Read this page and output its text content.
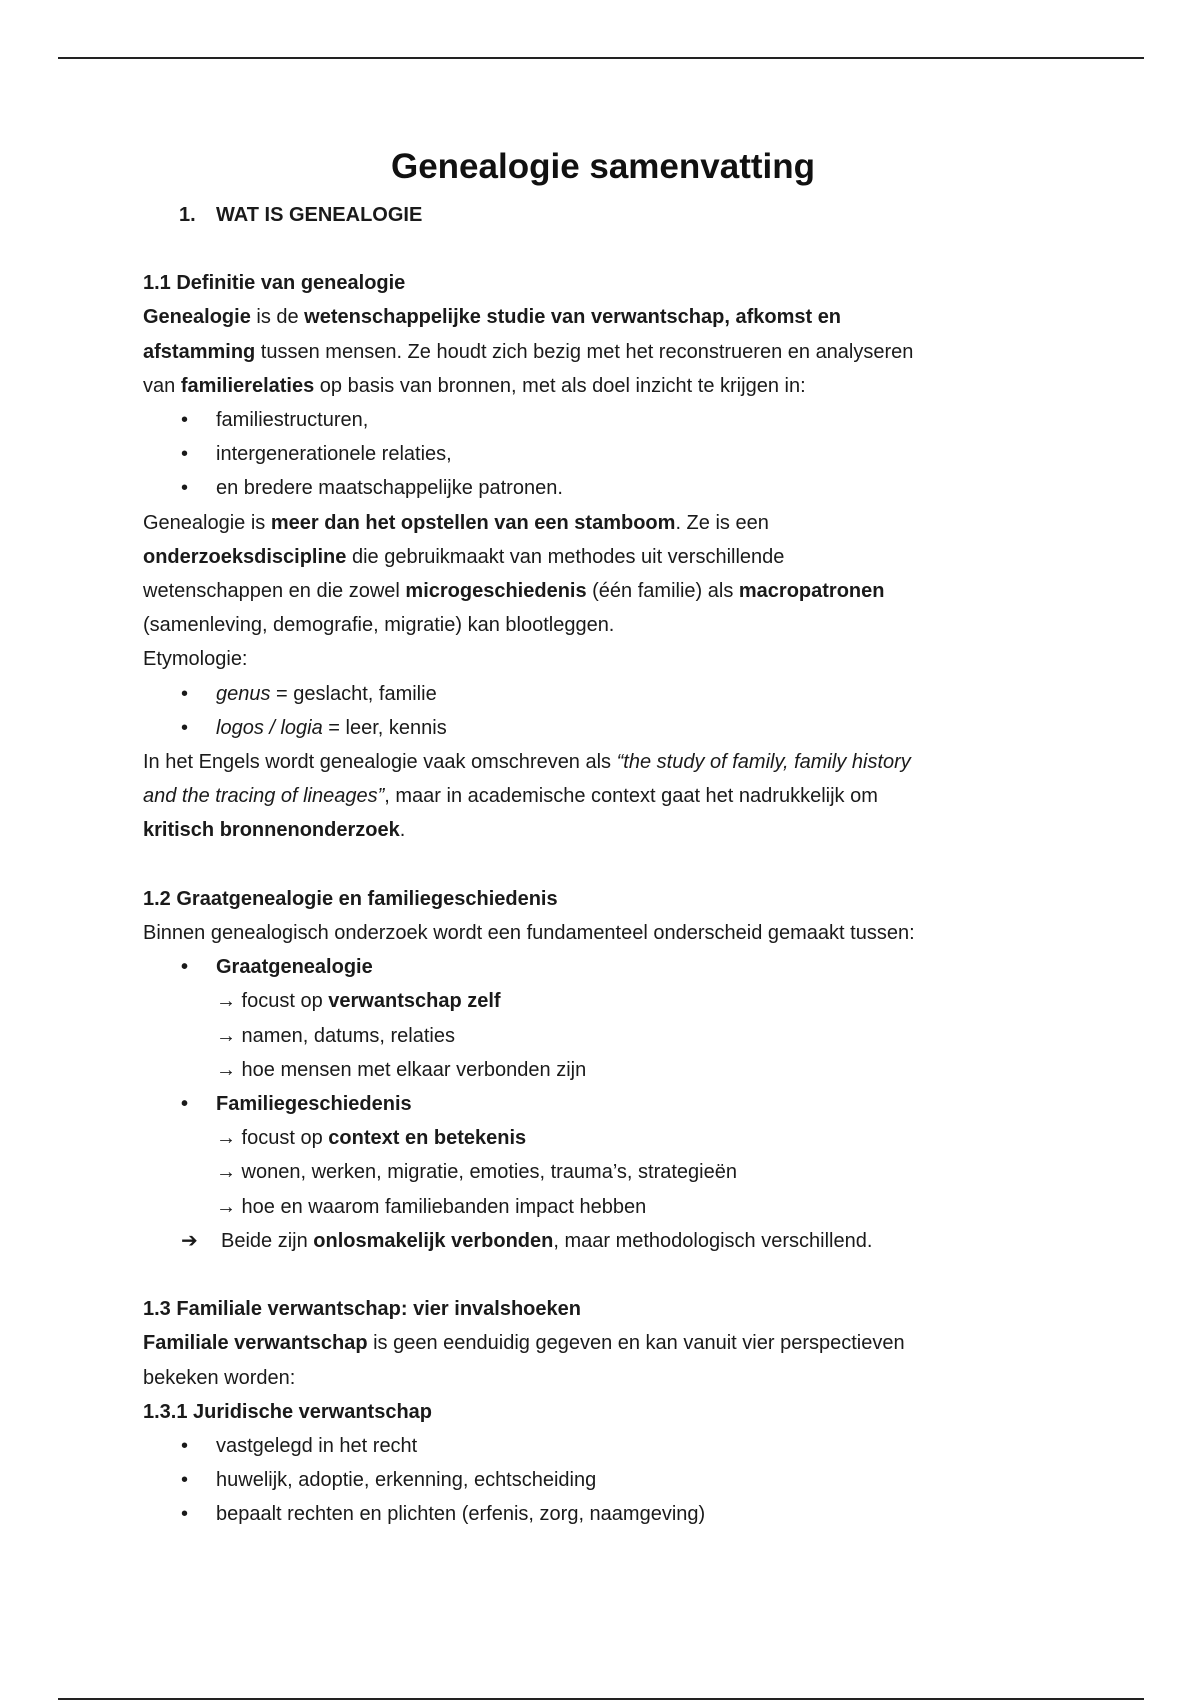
Genealogie samenvatting
1. WAT IS GENEALOGIE
1.1 Definitie van genealogie
Genealogie is de wetenschappelijke studie van verwantschap, afkomst en
afstamming tussen mensen. Ze houdt zich bezig met het reconstrueren en analyseren
van familierelaties op basis van bronnen, met als doel inzicht te krijgen in:
• familiestructuren,
• intergenerationele relaties,
• en bredere maatschappelijke patronen.
Genealogie is meer dan het opstellen van een stamboom. Ze is een
onderzoeksdiscipline die gebruikmaakt van methodes uit verschillende
wetenschappen en die zowel microgeschiedenis (één familie) als macropatronen
(samenleving, demografie, migratie) kan blootleggen.
Etymologie:
• genus = geslacht, familie
• logos / logia = leer, kennis
In het Engels wordt genealogie vaak omschreven als “the study of family, family history
and the tracing of lineages”, maar in academische context gaat het nadrukkelijk om
kritisch bronnenonderzoek.
1.2 Graatgenealogie en familiegeschiedenis
Binnen genealogisch onderzoek wordt een fundamenteel onderscheid gemaakt tussen:
• Graatgenealogie
→ focust op verwantschap zelf
→ namen, datums, relaties
→ hoe mensen met elkaar verbonden zijn
• Familiegeschiedenis
→ focust op context en betekenis
→ wonen, werken, migratie, emoties, trauma’s, strategieën
→ hoe en waarom familiebanden impact hebben
➔ Beide zijn onlosmakelijk verbonden, maar methodologisch verschillend.
1.3 Familiale verwantschap: vier invalshoeken
Familiale verwantschap is geen eenduidig gegeven en kan vanuit vier perspectieven
bekeken worden:
1.3.1 Juridische verwantschap
• vastgelegd in het recht
• huwelijk, adoptie, erkenning, echtscheiding
• bepaalt rechten en plichten (erfenis, zorg, naamgeving)
